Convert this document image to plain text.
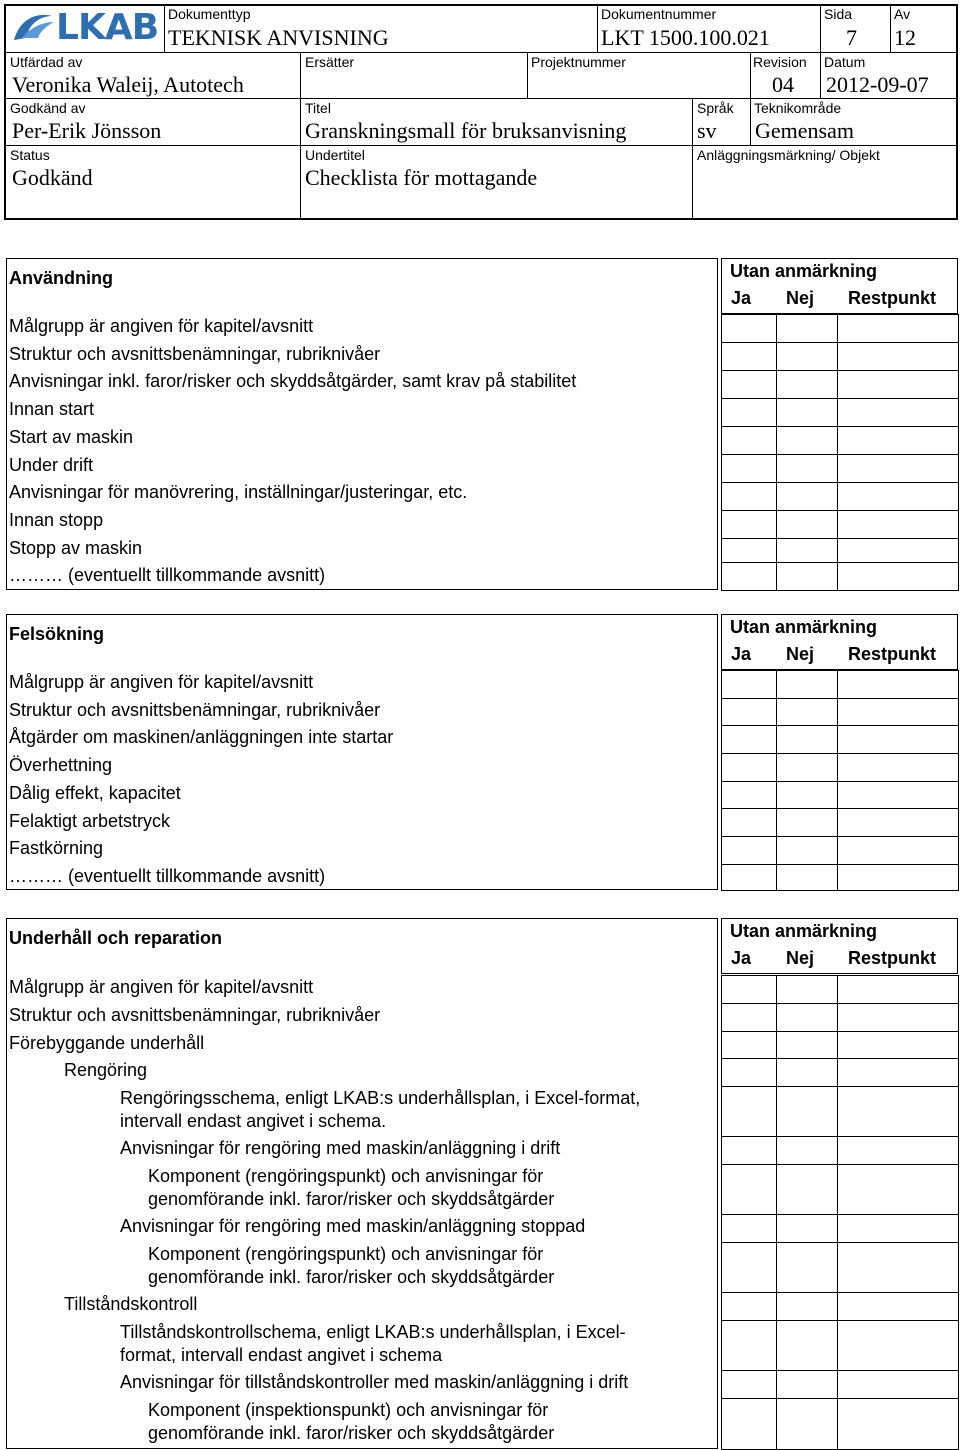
LKAB Dokumenttyp
TEKNISK ANVISNING
Dokumentnummer
LKT 1500.100.021
Sida
7
Av
12
Utfärdad av
Veronika Waleij, Autotech
Ersätter	Projektnummer	Revision
04
Datum
2012-09-07
Godkänd av
Per-Erik Jönsson
Titel
Granskningsmall för bruksanvisning
Språk
sv
Teknikområde
Gemensam
Status
Godkänd
Undertitel
Checklista för mottagande
Anläggningsmärkning/ Objekt
Användning
Målgrupp är angiven för kapitel/avsnitt
Struktur och avsnittsbenämningar, rubriknivåer
Anvisningar inkl. faror/risker och skyddsåtgärder, samt krav på stabilitet
Innan start
Start av maskin
Under drift
Anvisningar för manövrering, inställningar/justeringar, etc.
Innan stopp
Stopp av maskin
……… (eventuellt tillkommande avsnitt)
Utan anmärkning
Ja Nej Restpunkt
Felsökning
Målgrupp är angiven för kapitel/avsnitt
Struktur och avsnittsbenämningar, rubriknivåer
Åtgärder om maskinen/anläggningen inte startar
Överhettning
Dålig effekt, kapacitet
Felaktigt arbetstryck
Fastkörning
……… (eventuellt tillkommande avsnitt)
Utan anmärkning
Ja Nej Restpunkt
Underhåll och reparation
Målgrupp är angiven för kapitel/avsnitt
Struktur och avsnittsbenämningar, rubriknivåer
Förebyggande underhåll
Rengöring
Rengöringsschema, enligt LKAB:s underhållsplan, i Excel-format,
intervall endast angivet i schema.
Anvisningar för rengöring med maskin/anläggning i drift
Komponent (rengöringspunkt) och anvisningar för
genomförande inkl. faror/risker och skyddsåtgärder
Anvisningar för rengöring med maskin/anläggning stoppad
Komponent (rengöringspunkt) och anvisningar för
genomförande inkl. faror/risker och skyddsåtgärder
Tillståndskontroll
Tillståndskontrollschema, enligt LKAB:s underhållsplan, i Excel-
format, intervall endast angivet i schema
Anvisningar för tillståndskontroller med maskin/anläggning i drift
Komponent (inspektionspunkt) och anvisningar för
genomförande inkl. faror/risker och skyddsåtgärder
Utan anmärkning
Ja Nej Restpunkt
